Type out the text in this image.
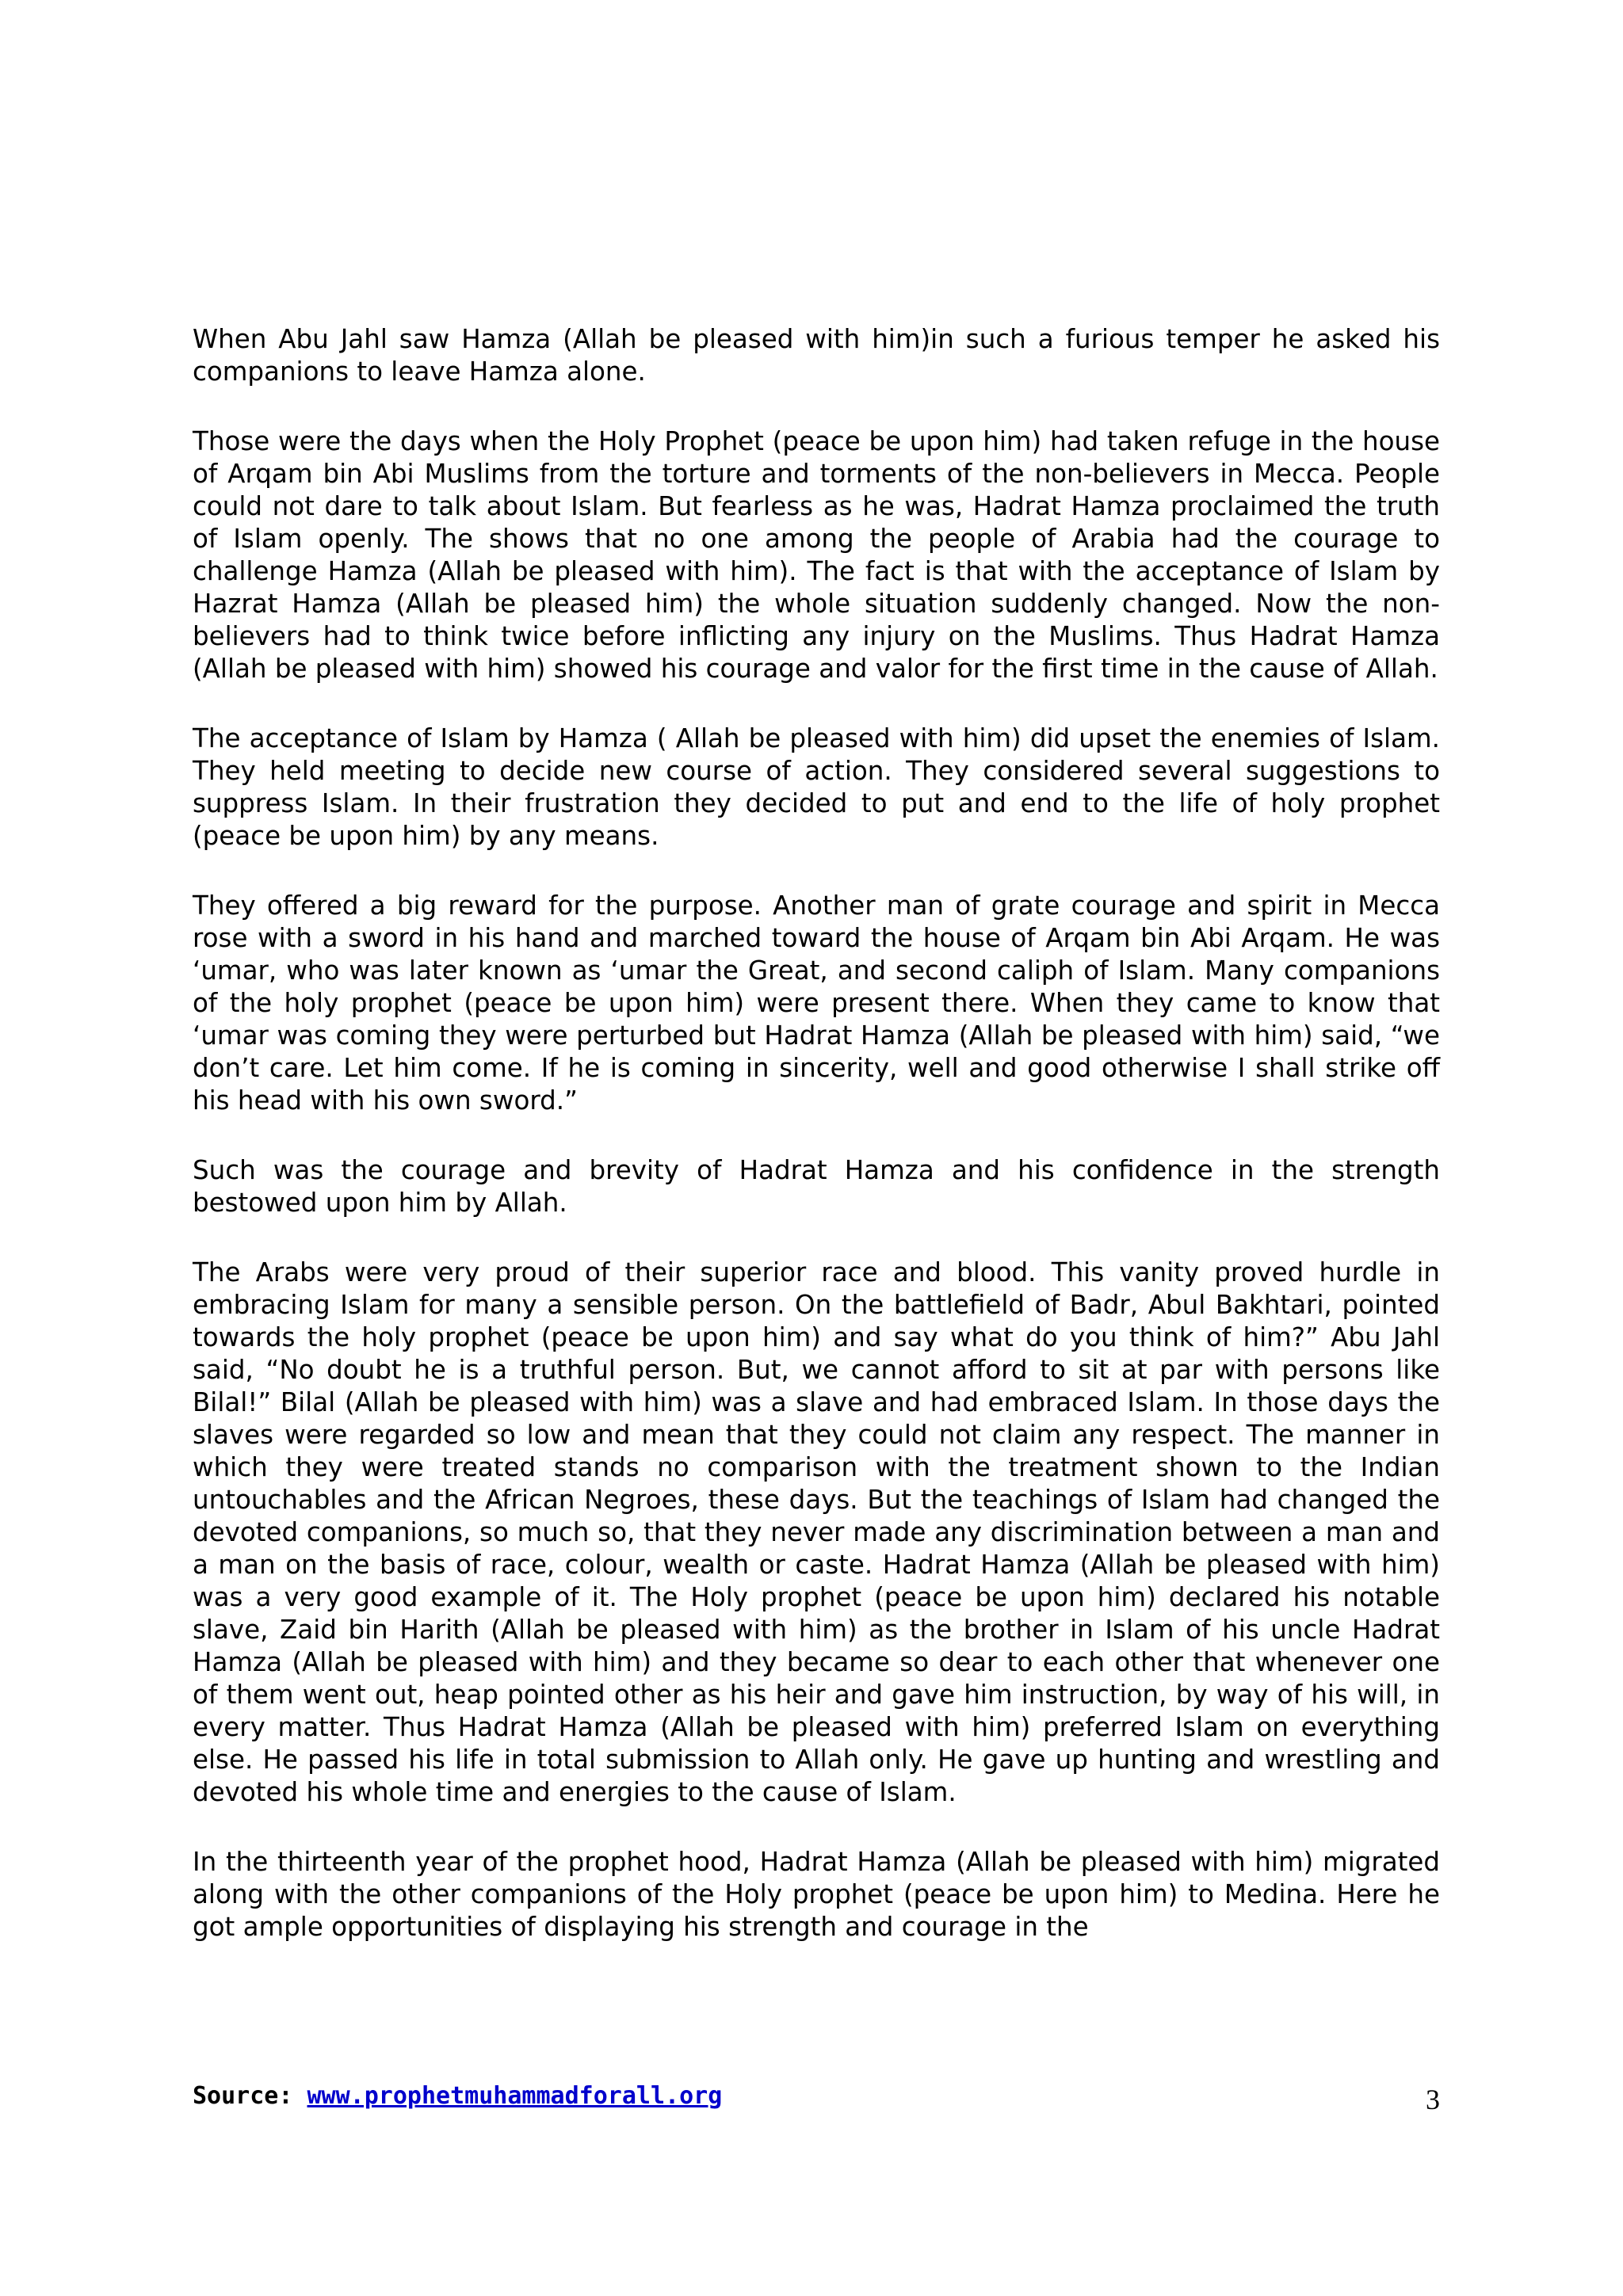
When Abu Jahl saw Hamza (Allah be pleased with him)in such a furious temper he asked his companions to leave Hamza alone.

Those were the days when the Holy Prophet (peace be upon him) had taken refuge in the house of Arqam bin Abi Muslims from the torture and torments of the non-believers in Mecca. People could not dare to talk about Islam. But fearless as he was, Hadrat Hamza proclaimed the truth of Islam openly. The shows that no one among the people of Arabia had the courage to challenge Hamza (Allah be pleased with him). The fact is that with the acceptance of Islam by Hazrat Hamza (Allah be pleased him) the whole situation suddenly changed. Now the non- believers had to think twice before inflicting any injury on the Muslims. Thus Hadrat Hamza (Allah be pleased with him) showed his courage and valor for the first time in the cause of Allah.

The acceptance of Islam by Hamza ( Allah be pleased with him) did upset the enemies of Islam. They held meeting to decide new course of action. They considered several suggestions to suppress Islam. In their frustration they decided to put and end to the life of holy prophet (peace be upon him) by any means.

They offered a big reward for the purpose. Another man of grate courage and spirit in Mecca rose with a sword in his hand and marched toward the house of Arqam bin Abi Arqam. He was ‘umar, who was later known as ‘umar the Great, and second caliph of Islam. Many companions of the holy prophet (peace be upon him) were present there. When they came to know that ‘umar was coming they were perturbed but Hadrat Hamza (Allah be pleased with him) said, “we don’t care. Let him come. If he is coming in sincerity, well and good otherwise I shall strike off his head with his own sword.”

Such was the courage and brevity of Hadrat Hamza and his confidence in the strength bestowed upon him by Allah.

The Arabs were very proud of their superior race and blood. This vanity proved hurdle in embracing Islam for many a sensible person. On the battlefield of Badr, Abul Bakhtari, pointed towards the holy prophet (peace be upon him) and say what do you think of him?” Abu Jahl said, “No doubt he is a truthful person. But, we cannot afford to sit at par with persons like Bilal!” Bilal (Allah be pleased with him) was a slave and had embraced Islam. In those days the slaves were regarded so low and mean that they could not claim any respect. The manner in which they were treated stands no comparison with the treatment shown to the Indian untouchables and the African Negroes, these days. But the teachings of Islam had changed the devoted companions, so much so, that they never made any discrimination between a man and a man on the basis of race, colour, wealth or caste. Hadrat Hamza (Allah be pleased with him) was a very good example of it. The Holy prophet (peace be upon him) declared his notable slave, Zaid bin Harith (Allah be pleased with him) as the brother in Islam of his uncle Hadrat Hamza (Allah be pleased with him) and they became so dear to each other that whenever one of them went out, heap pointed other as his heir and gave him instruction, by way of his will, in every matter. Thus Hadrat Hamza (Allah be pleased with him) preferred Islam on everything else. He passed his life in total submission to Allah only. He gave up hunting and wrestling and devoted his whole time and energies to the cause of Islam.

In the thirteenth year of the prophet hood, Hadrat Hamza (Allah be pleased with him) migrated along with the other companions of the Holy prophet (peace be upon him) to Medina. Here he got ample opportunities of displaying his strength and courage in the

Source: www.prophetmuhammadforall.org	3
